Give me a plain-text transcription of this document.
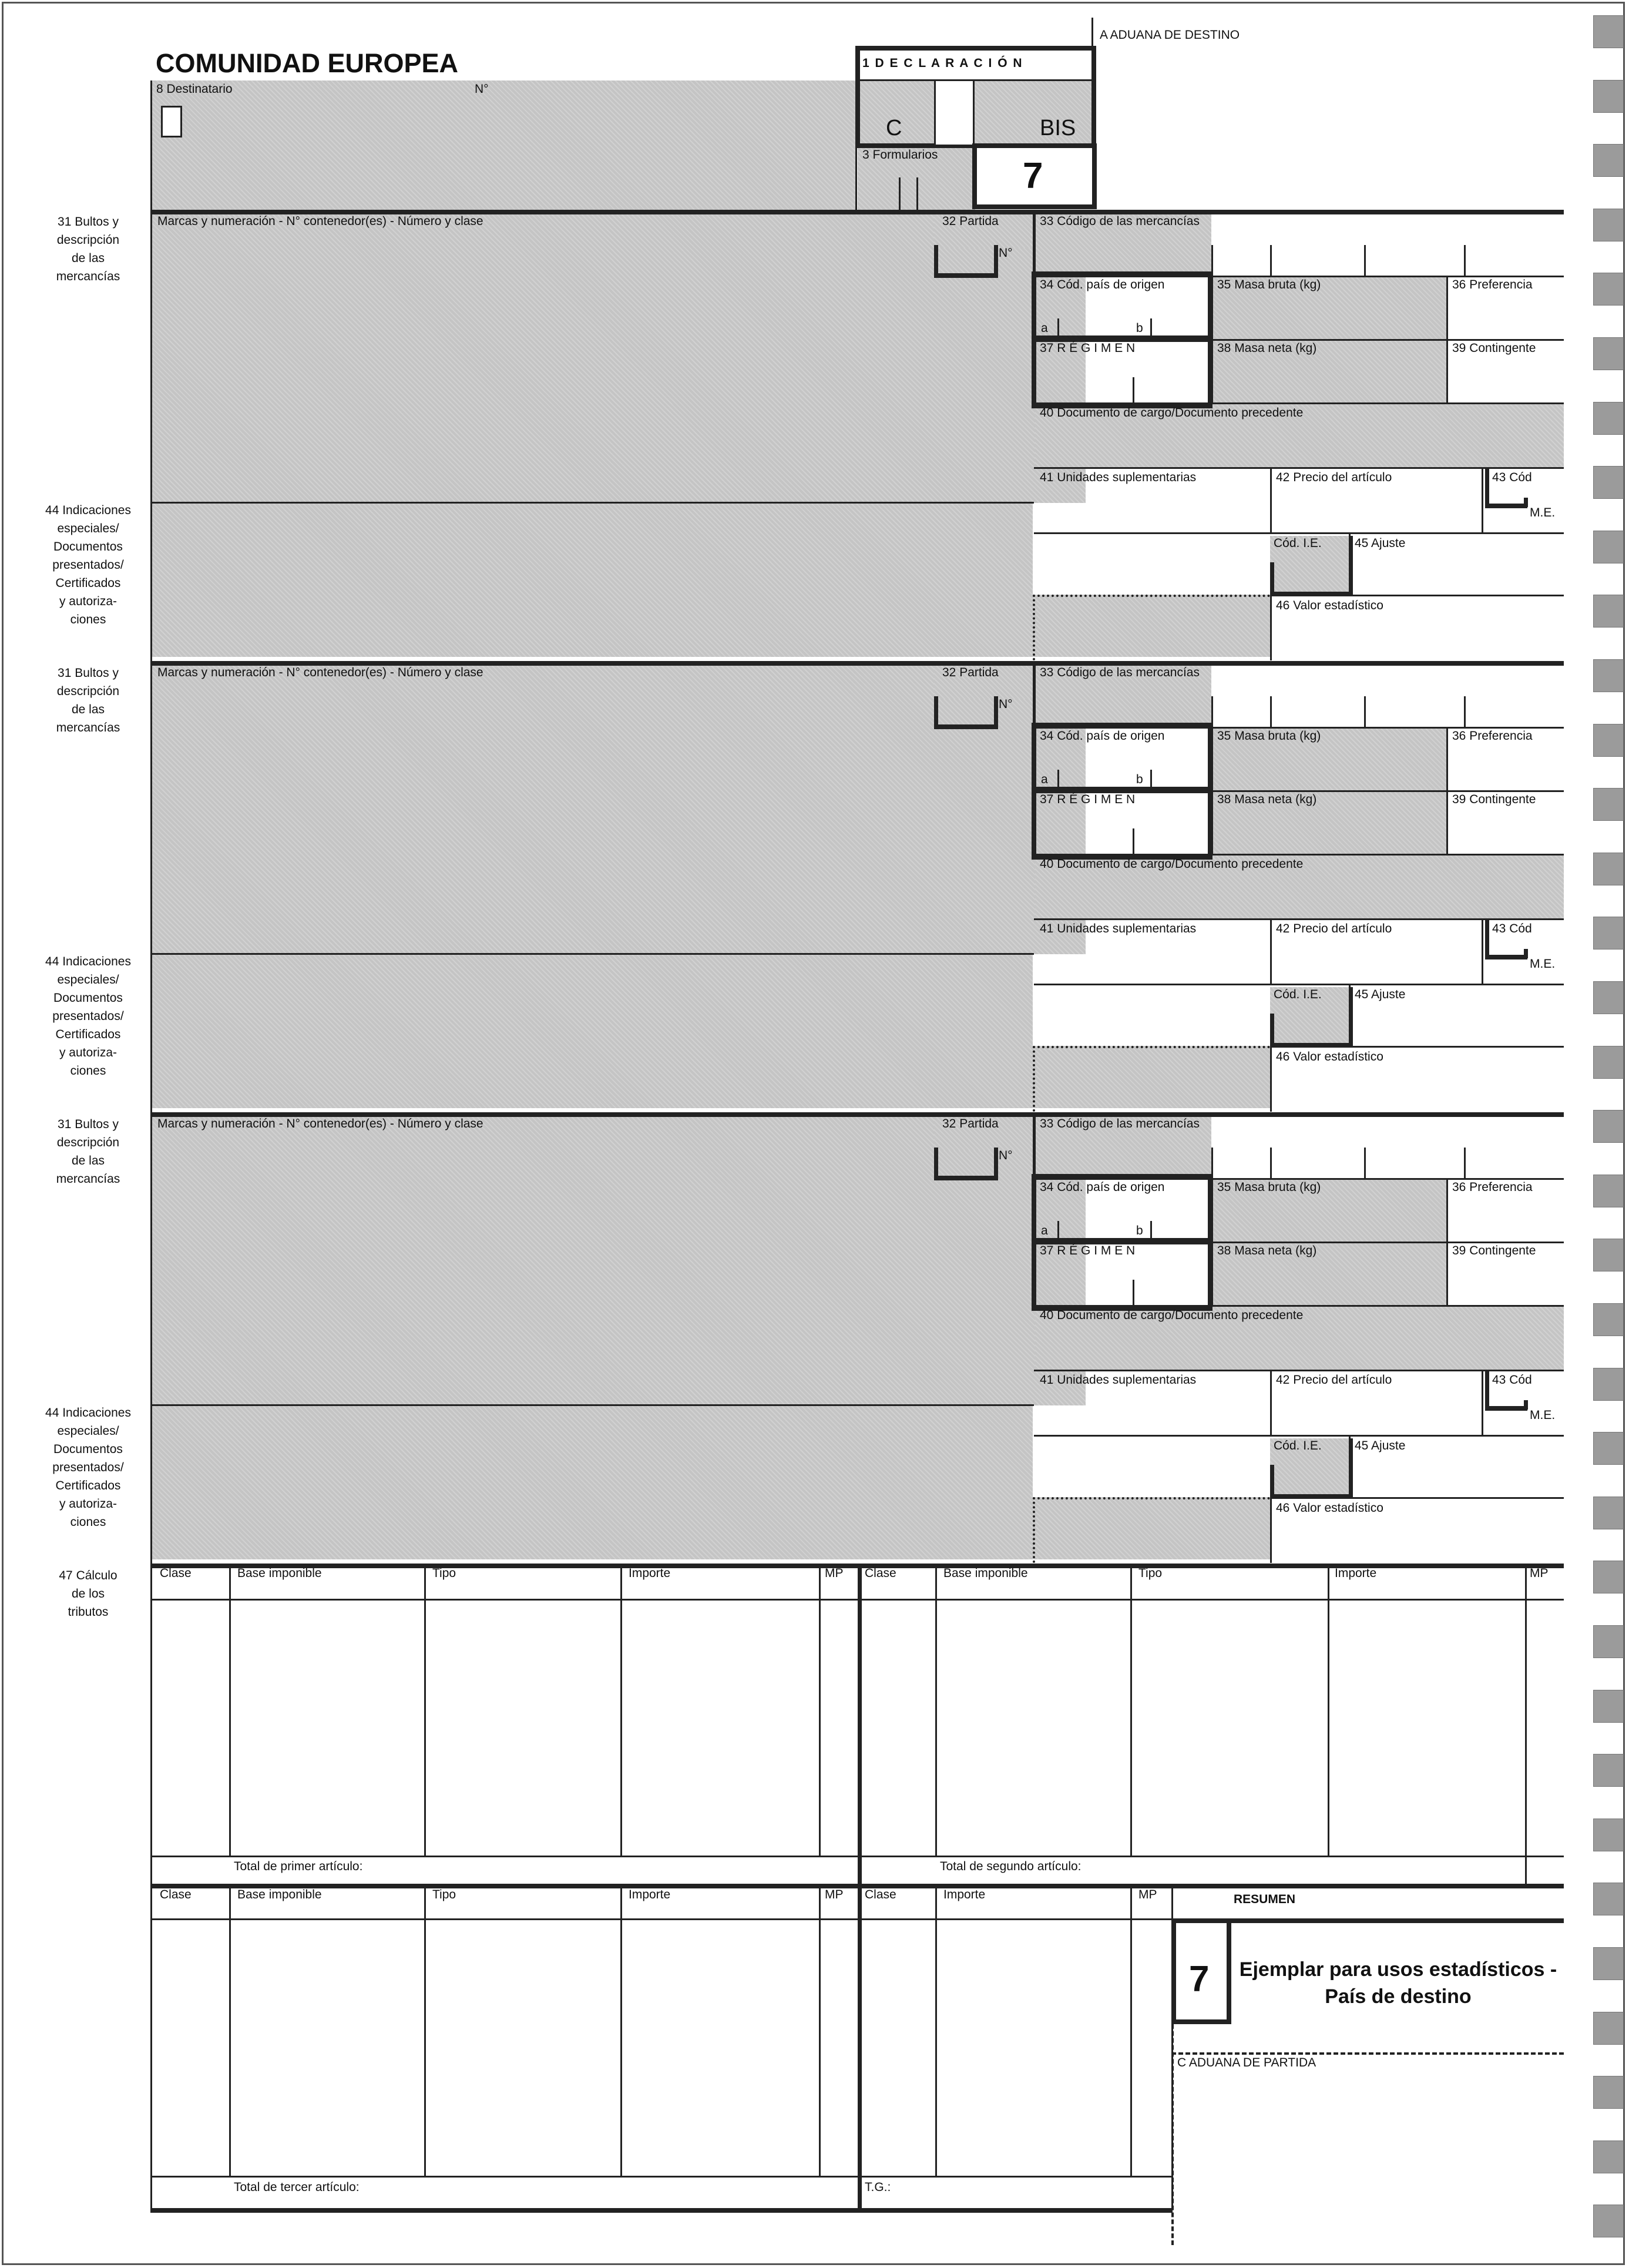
COMUNIDAD EUROPEA
A ADUANA DE DESTINO
1 D E C L A R A C I Ó N
C	BIS
3 Formularios
7
8 Destinatario	N°
31 Bultos y
descripción
de las
mercancías
Marcas y numeración - N° contenedor(es) - Número y clase	32 Partida
N°
33 Código de las mercancías
34 Cód. país de origen
a	b
35 Masa bruta (kg)	36 Preferencia
37 R É G I M E N	38 Masa neta (kg)	39 Contingente
40 Documento de cargo/Documento precedente
41 Unidades suplementarias	42 Precio del artículo	43 Cód
M.E.
44 Indicaciones
especiales/
Documentos
presentados/
Certificados
y autoriza-
ciones
Cód. I.E.	45 Ajuste
46 Valor estadístico
31 Bultos y
descripción
de las
mercancías
Marcas y numeración - N° contenedor(es) - Número y clase	32 Partida
N°
33 Código de las mercancías
34 Cód. país de origen
a	b
35 Masa bruta (kg)	36 Preferencia
37 R É G I M E N	38 Masa neta (kg)	39 Contingente
40 Documento de cargo/Documento precedente
41 Unidades suplementarias	42 Precio del artículo	43 Cód
M.E.
44 Indicaciones
especiales/
Documentos
presentados/
Certificados
y autoriza-
ciones
Cód. I.E.	45 Ajuste
46 Valor estadístico
31 Bultos y
descripción
de las
mercancías
Marcas y numeración - N° contenedor(es) - Número y clase	32 Partida
N°
33 Código de las mercancías
34 Cód. país de origen
a	b
35 Masa bruta (kg)	36 Preferencia
37 R É G I M E N	38 Masa neta (kg)	39 Contingente
40 Documento de cargo/Documento precedente
41 Unidades suplementarias	42 Precio del artículo	43 Cód
M.E.
44 Indicaciones
especiales/
Documentos
presentados/
Certificados
y autoriza-
ciones
Cód. I.E.	45 Ajuste
46 Valor estadístico
47 Cálculo
de los
tributos
Clase	Base imponible	Tipo	Importe	MP Clase	Base imponible	Tipo	Importe	MP
Total de primer artículo:	Total de segundo artículo:
Clase	Base imponible	Tipo	Importe	MP Clase	Importe	MP
Total de tercer artículo:	T.G.:
RESUMEN
7 Ejemplar para usos estadísticos -
País de destino
C ADUANA DE PARTIDA
